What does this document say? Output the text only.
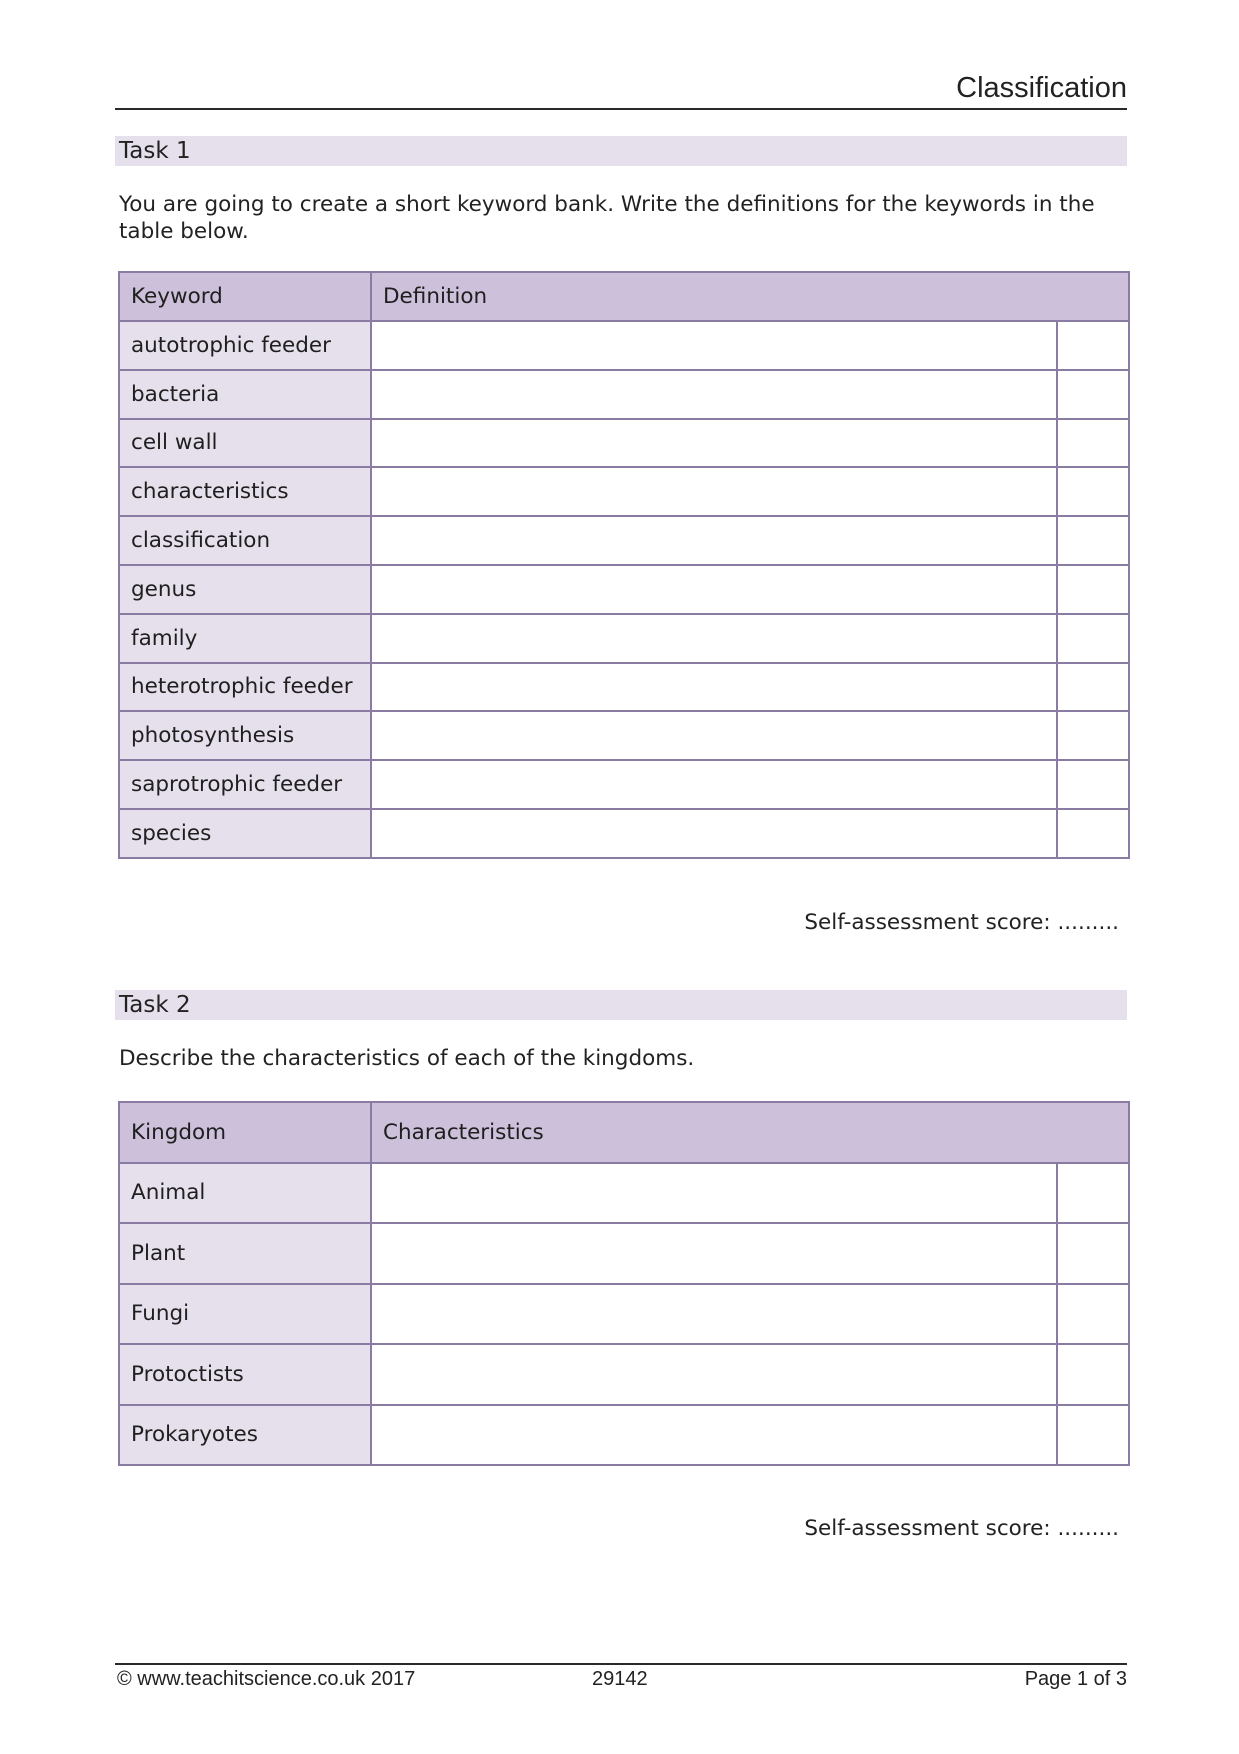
Classification
Task 1
You are going to create a short keyword bank. Write the definitions for the keywords in the table below.
Keyword	Definition	
autotrophic feeder		
bacteria		
cell wall		
characteristics		
classification		
genus		
family		
heterotrophic feeder		
photosynthesis		
saprotrophic feeder		
species		
Self-assessment score: .........
Task 2
Describe the characteristics of each of the kingdoms.
Kingdom	Characteristics	
Animal		
Plant		
Fungi		
Protoctists		
Prokaryotes		
Self-assessment score: .........
© www.teachitscience.co.uk 2017	29142	Page 1 of 3
